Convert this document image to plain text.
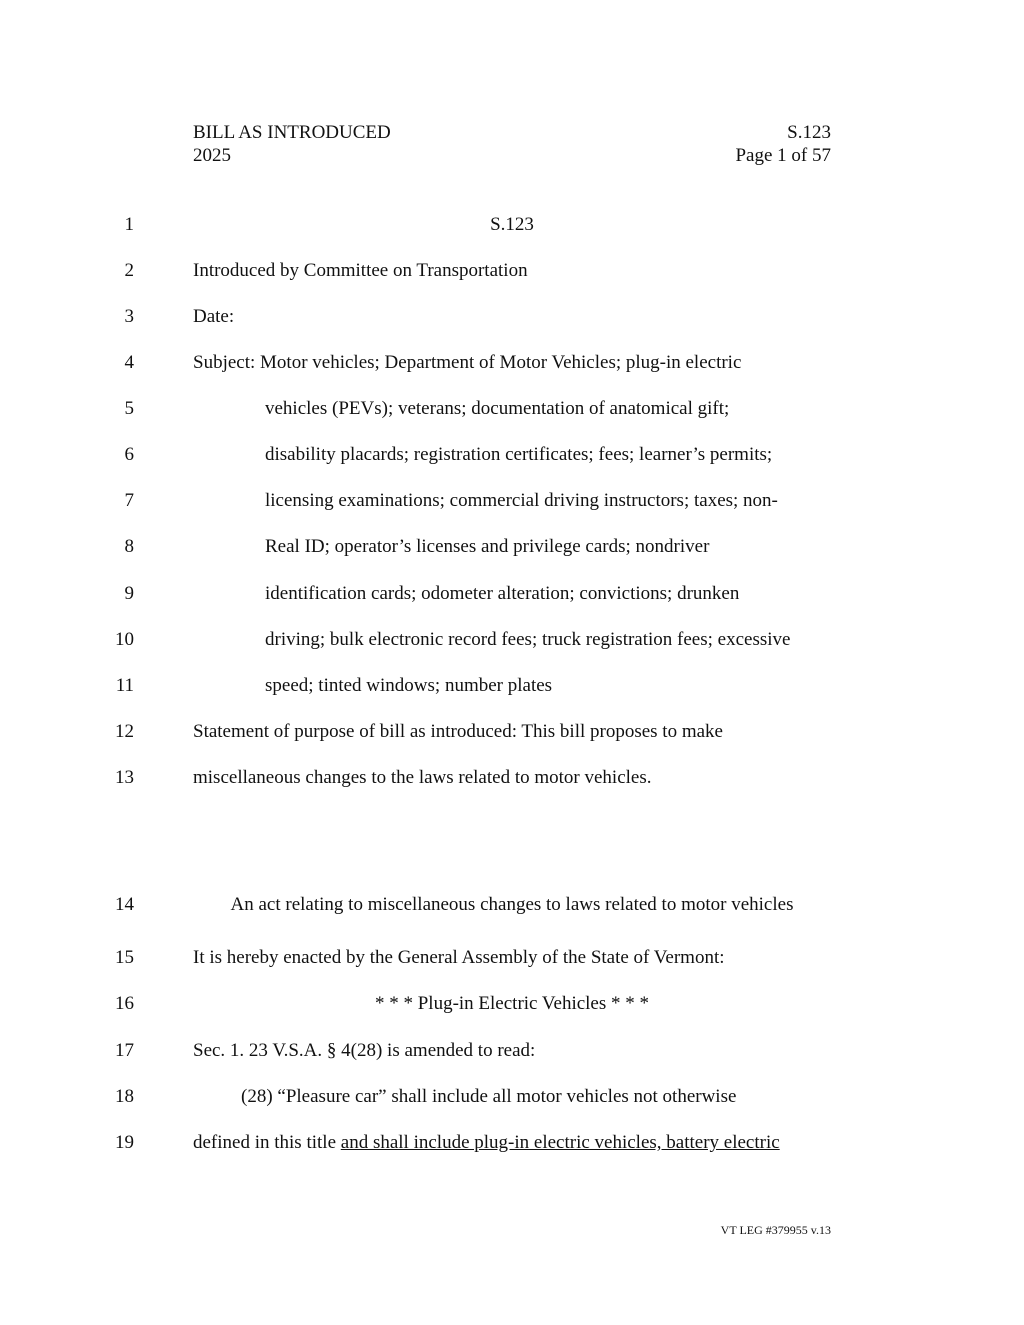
BILL AS INTRODUCED
2025
S.123
Page 1 of 57
1	S.123
2	Introduced by Committee on Transportation
3	Date:
4	Subject: Motor vehicles; Department of Motor Vehicles; plug-in electric
5	vehicles (PEVs); veterans; documentation of anatomical gift;
6	disability placards; registration certificates; fees; learner’s permits;
7	licensing examinations; commercial driving instructors; taxes; non-
8	Real ID; operator’s licenses and privilege cards; nondriver
9	identification cards; odometer alteration; convictions; drunken
10	driving; bulk electronic record fees; truck registration fees; excessive
11	speed; tinted windows; number plates
12	Statement of purpose of bill as introduced: This bill proposes to make
13	miscellaneous changes to the laws related to motor vehicles.
14	An act relating to miscellaneous changes to laws related to motor vehicles
15	It is hereby enacted by the General Assembly of the State of Vermont:
16	* * * Plug-in Electric Vehicles * * *
17	Sec. 1. 23 V.S.A. § 4(28) is amended to read:
18	(28) “Pleasure car” shall include all motor vehicles not otherwise
19	defined in this title and shall include plug-in electric vehicles, battery electric
VT LEG #379955 v.13
